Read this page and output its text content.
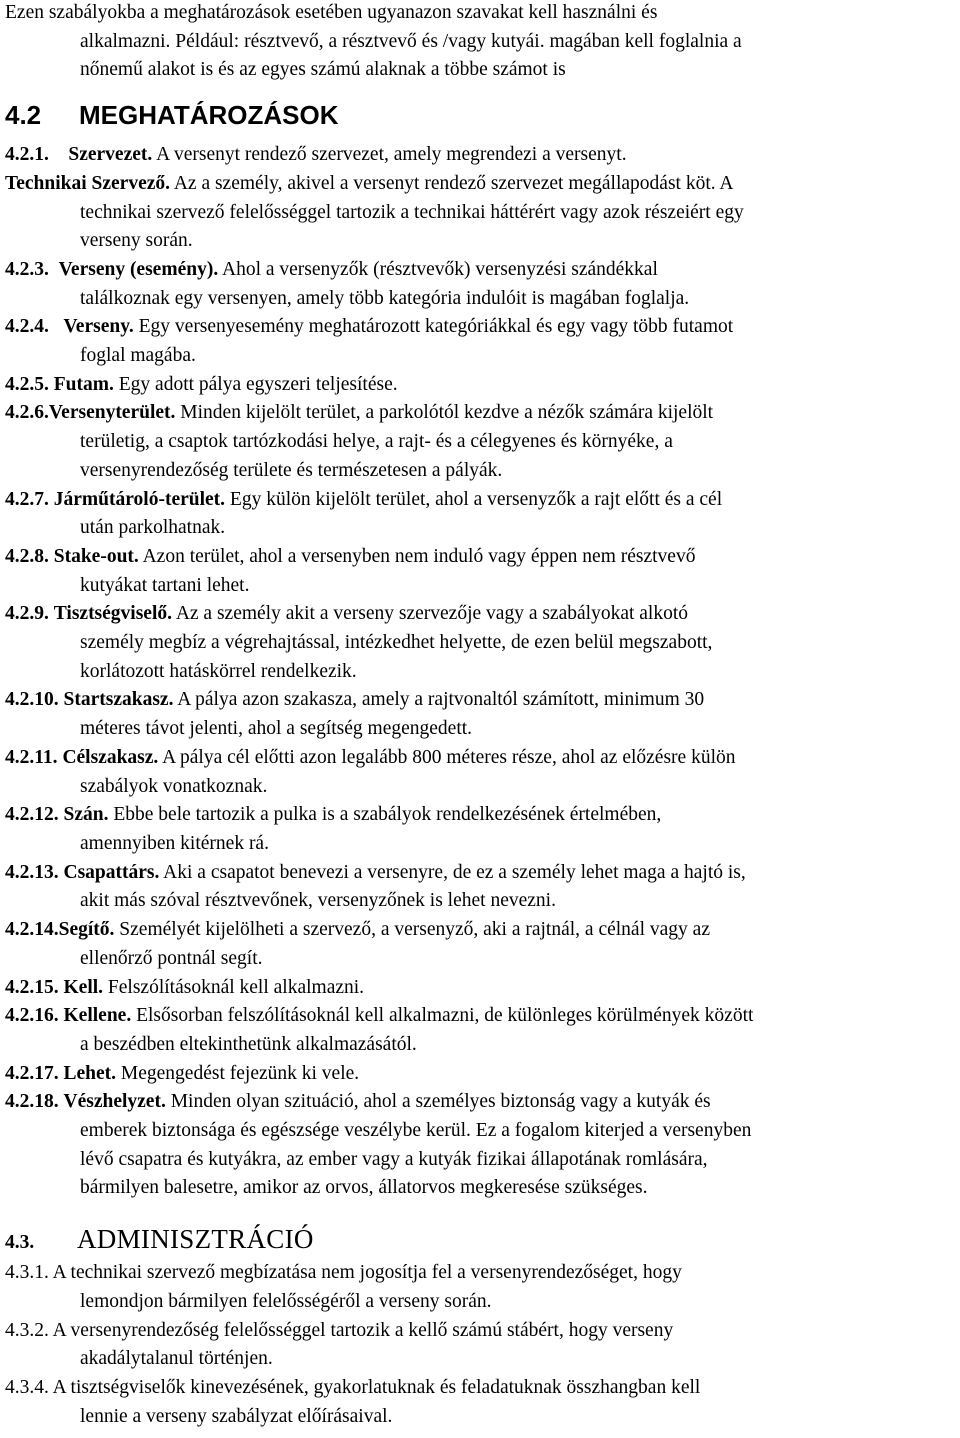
Ezen szabályokba a meghatározások esetében ugyanazon szavakat kell használni és
alkalmazni. Például: résztvevő, a résztvevő és /vagy kutyái. magában kell foglalnia a
nőnemű alakot is és az egyes számú alaknak a többe számot is
4.2	MEGHATÁROZÁSOK
4.2.1. Szervezet. A versenyt rendező szervezet, amely megrendezi a versenyt.
Technikai Szervező. Az a személy, akivel a versenyt rendező szervezet megállapodást köt. A
technikai szervező felelősséggel tartozik a technikai háttérért vagy azok részeiért egy
verseny során.
4.2.3. Verseny (esemény). Ahol a versenyzők (résztvevők) versenyzési szándékkal
találkoznak egy versenyen, amely több kategória indulóit is magában foglalja.
4.2.4. Verseny. Egy versenyesemény meghatározott kategóriákkal és egy vagy több futamot
foglal magába.
4.2.5. Futam. Egy adott pálya egyszeri teljesítése.
4.2.6.Versenyterület. Minden kijelölt terület, a parkolótól kezdve a nézők számára kijelölt
területig, a csaptok tartózkodási helye, a rajt- és a célegyenes és környéke, a
versenyrendezőség területe és természetesen a pályák.
4.2.7. Járműtároló-terület. Egy külön kijelölt terület, ahol a versenyzők a rajt előtt és a cél
után parkolhatnak.
4.2.8. Stake-out. Azon terület, ahol a versenyben nem induló vagy éppen nem résztvevő
kutyákat tartani lehet.
4.2.9. Tisztségviselő. Az a személy akit a verseny szervezője vagy a szabályokat alkotó
személy megbíz a végrehajtással, intézkedhet helyette, de ezen belül megszabott,
korlátozott hatáskörrel rendelkezik.
4.2.10. Startszakasz. A pálya azon szakasza, amely a rajtvonaltól számított, minimum 30
méteres távot jelenti, ahol a segítség megengedett.
4.2.11. Célszakasz. A pálya cél előtti azon legalább 800 méteres része, ahol az előzésre külön
szabályok vonatkoznak.
4.2.12. Szán. Ebbe bele tartozik a pulka is a szabályok rendelkezésének értelmében,
amennyiben kitérnek rá.
4.2.13. Csapattárs. Aki a csapatot benevezi a versenyre, de ez a személy lehet maga a hajtó is,
akit más szóval résztvevőnek, versenyzőnek is lehet nevezni.
4.2.14.Segítő. Személyét kijelölheti a szervező, a versenyző, aki a rajtnál, a célnál vagy az
ellenőrző pontnál segít.
4.2.15. Kell. Felszólításoknál kell alkalmazni.
4.2.16. Kellene. Elsősorban felszólításoknál kell alkalmazni, de különleges körülmények között
a beszédben eltekinthetünk alkalmazásától.
4.2.17. Lehet. Megengedést fejezünk ki vele.
4.2.18. Vészhelyzet. Minden olyan szituáció, ahol a személyes biztonság vagy a kutyák és
emberek biztonsága és egészsége veszélybe kerül. Ez a fogalom kiterjed a versenyben
lévő csapatra és kutyákra, az ember vagy a kutyák fizikai állapotának romlására,
bármilyen balesetre, amikor az orvos, állatorvos megkeresése szükséges.
4.3.	ADMINISZTRÁCIÓ
4.3.1. A technikai szervező megbízatása nem jogosítja fel a versenyrendezőséget, hogy
lemondjon bármilyen felelősségéről a verseny során.
4.3.2. A versenyrendezőség felelősséggel tartozik a kellő számú stábért, hogy verseny
akadálytalanul történjen.
4.3.4. A tisztségviselők kinevezésének, gyakorlatuknak és feladatuknak összhangban kell
lennie a verseny szabályzat előírásaival.
